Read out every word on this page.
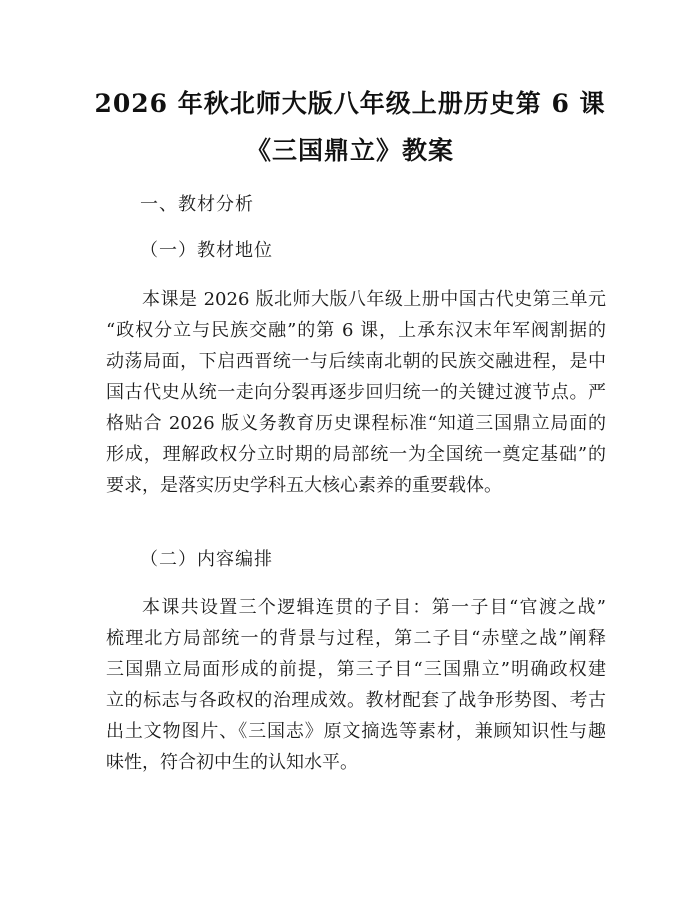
2026 年秋北师大版八年级上册历史第 6 课
《三国鼎立》教案
一、教材分析
（一）教材地位
本课是 2026 版北师大版八年级上册中国古代史第三单元
“政权分立与民族交融”的第 6 课，上承东汉末年军阀割据的
动荡局面，下启西晋统一与后续南北朝的民族交融进程，是中
国古代史从统一走向分裂再逐步回归统一的关键过渡节点。严
格贴合 2026 版义务教育历史课程标准“知道三国鼎立局面的
形成，理解政权分立时期的局部统一为全国统一奠定基础”的
要求，是落实历史学科五大核心素养的重要载体。
（二）内容编排
本课共设置三个逻辑连贯的子目：第一子目“官渡之战”
梳理北方局部统一的背景与过程，第二子目“赤壁之战”阐释
三国鼎立局面形成的前提，第三子目“三国鼎立”明确政权建
立的标志与各政权的治理成效。教材配套了战争形势图、考古
出土文物图片、《三国志》原文摘选等素材，兼顾知识性与趣
味性，符合初中生的认知水平。
